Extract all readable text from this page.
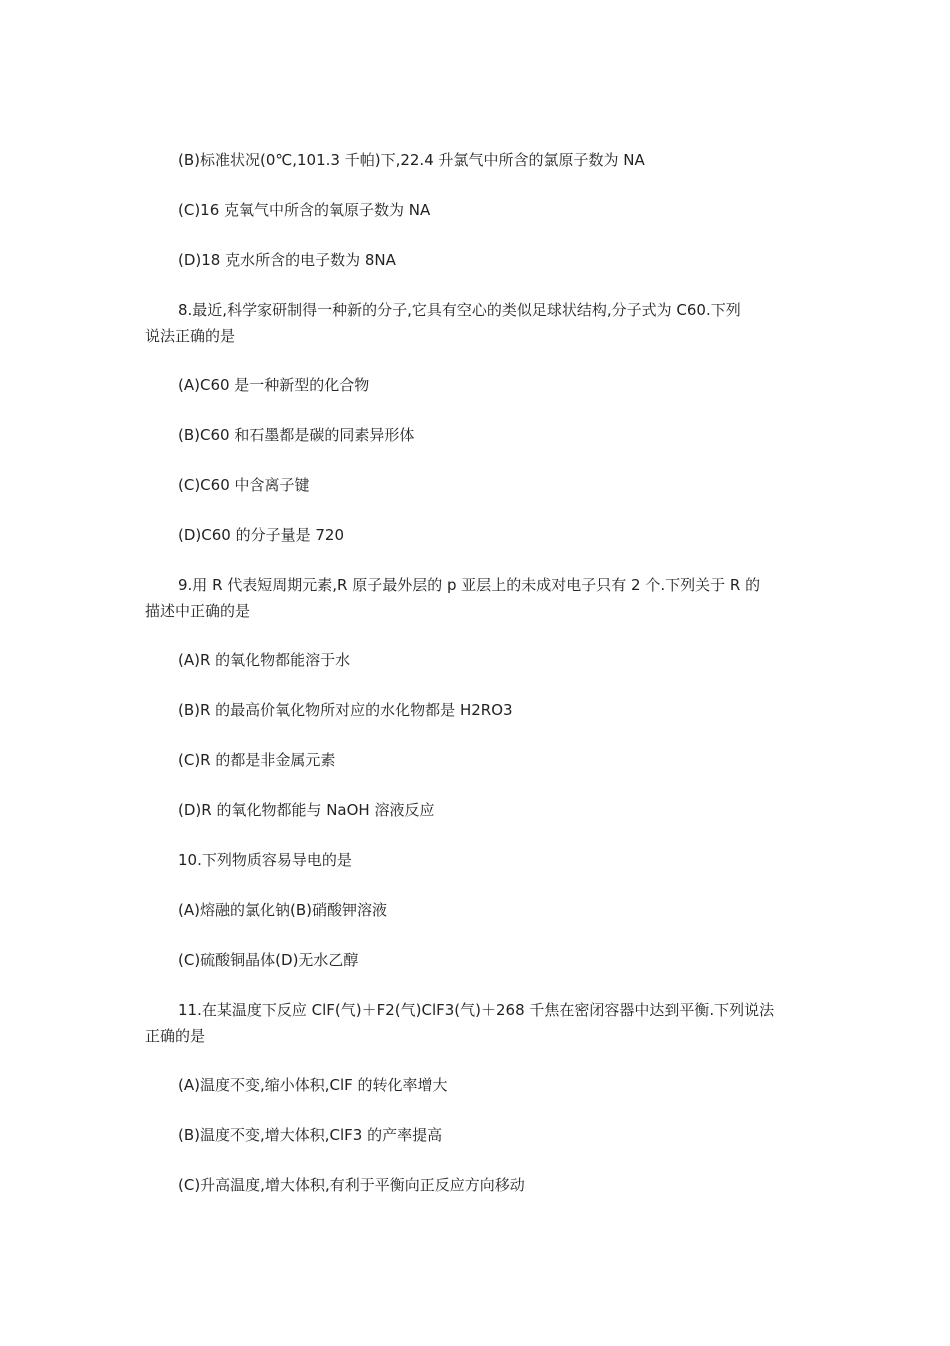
(B)标准状况(0℃,101.3 千帕)下,22.4 升氯气中所含的氯原子数为 NA
(C)16 克氧气中所含的氧原子数为 NA
(D)18 克水所含的电子数为 8NA
8.最近,科学家研制得一种新的分子,它具有空心的类似足球状结构,分子式为 C60.下列
说法正确的是
(A)C60 是一种新型的化合物
(B)C60 和石墨都是碳的同素异形体
(C)C60 中含离子键
(D)C60 的分子量是 720
9.用 R 代表短周期元素,R 原子最外层的 p 亚层上的未成对电子只有 2 个.下列关于 R 的
描述中正确的是
(A)R 的氧化物都能溶于水
(B)R 的最高价氧化物所对应的水化物都是 H2RO3
(C)R 的都是非金属元素
(D)R 的氧化物都能与 NaOH 溶液反应
10.下列物质容易导电的是
(A)熔融的氯化钠(B)硝酸钾溶液
(C)硫酸铜晶体(D)无水乙醇
11.在某温度下反应 ClF(气)＋F2(气)ClF3(气)＋268 千焦在密闭容器中达到平衡.下列说法
正确的是
(A)温度不变,缩小体积,ClF 的转化率增大
(B)温度不变,增大体积,ClF3 的产率提高
(C)升高温度,增大体积,有利于平衡向正反应方向移动
